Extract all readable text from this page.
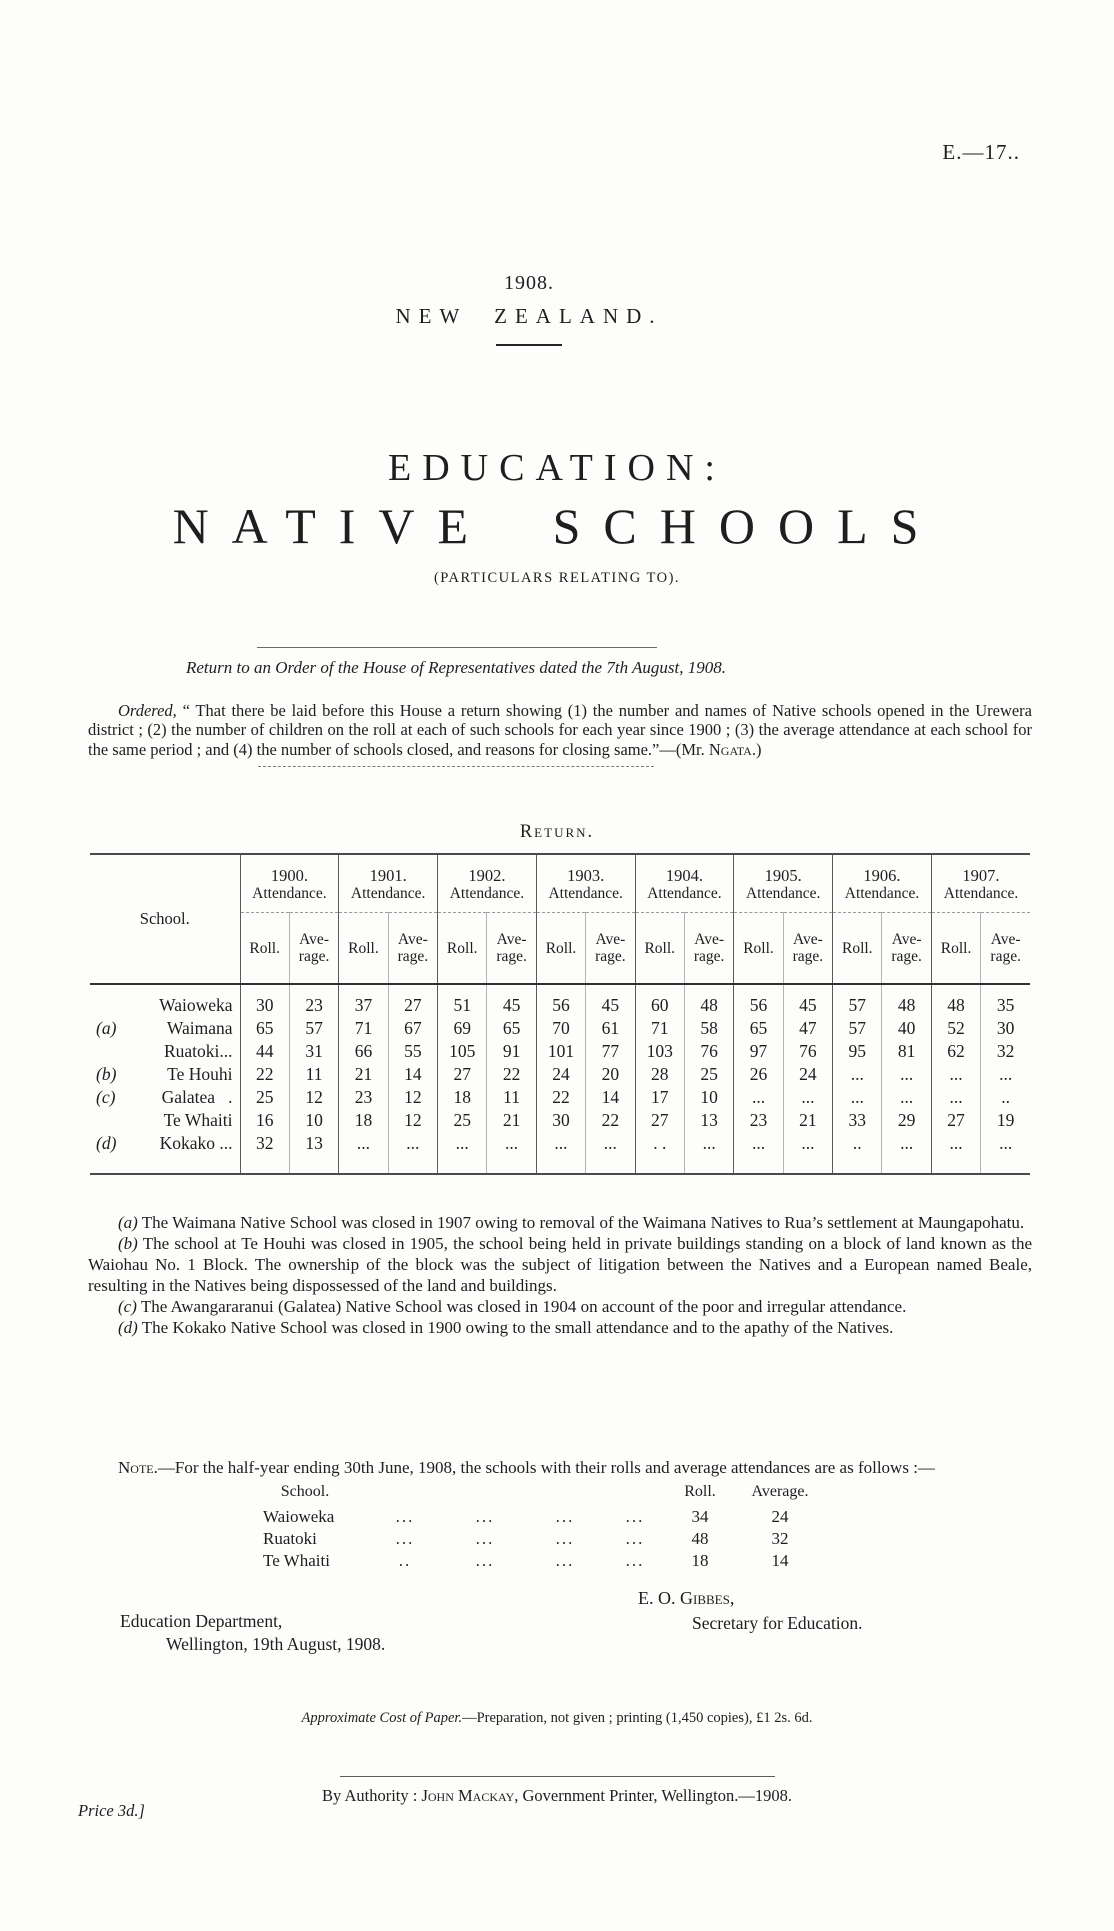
E.—17..
1908.
NEW ZEALAND.
EDUCATION:
NATIVE SCHOOLS
(PARTICULARS RELATING TO).
Return to an Order of the House of Representatives dated the 7th August, 1908.

Ordered, “ That there be laid before this House a return showing (1) the number and names of Native schools opened in the Urewera district ; (2) the number of children on the roll at each of such schools for each year since 1900 ; (3) the average attendance at each school for the same period ; and (4) the number of schools closed, and reasons for closing same.”—(Mr. Ngata.)

Return.
School.	
1900.
Attendance.

1901.
Attendance.

1902.
Attendance.

1903.
Attendance.

1904.
Attendance.

1905.
Attendance.

1906.
Attendance.

1907.
Attendance.

Roll.	Ave-
rage.	Roll.	Ave-
rage.	Roll.	Ave-
rage.	Roll.	Ave-
rage.	Roll.	Ave-
rage.	Roll.	Ave-
rage.	Roll.	Ave-
rage.	Roll.	Ave-
rage.

Waioweka	30	23	37	27	51	45	56	45	60	48	56	45	57	48	48	35

(a) Waimana	65	57	71	67	69	65	70	61	71	58	65	47	57	40	52	30

Ruatoki...	44	31	66	55	105	91	101	77	103	76	97	76	95	81	62	32

(b) Te Houhi	22	11	21	14	27	22	24	20	28	25	26	24	...	...	...	...

(c) Galatea  .	25	12	23	12	18	11	22	14	17	10	...	...	...	...	...	..

Te Whaiti	16	10	18	12	25	21	30	22	27	13	23	21	33	29	27	19

(d) Kokako ...	32	13	...	...	...	...	...	...	. .	...	...	...	..	...	...	...

(a) The Waimana Native School was closed in 1907 owing to removal of the Waimana Natives to Rua’s settlement at Maungapohatu.

(b) The school at Te Houhi was closed in 1905, the school being held in private buildings standing on a block of land known as the Waiohau No. 1 Block. The ownership of the block was the subject of litigation between the Natives and a European named Beale, resulting in the Natives being dispossessed of the land and buildings.

(c) The Awangararanui (Galatea) Native School was closed in 1904 on account of the poor and irregular attendance.

(d) The Kokako Native School was closed in 1900 owing to the small attendance and to the apathy of the Natives.

Note.—For the half-year ending 30th June, 1908, the schools with their rolls and average attendances are as follows :—

School.	Roll.	Average.
Waioweka	...	...	...	...	34	24
Ruatoki	...	...	...	...	48	32
Te Whaiti	..	...	...	...	18	14
E. O. Gibbes,
Secretary for Education.
Education Department,
Wellington, 19th August, 1908.
Approximate Cost of Paper.—Preparation, not given ; printing (1,450 copies), £1 2s. 6d.
By Authority : John Mackay, Government Printer, Wellington.—1908.
Price 3d.]
